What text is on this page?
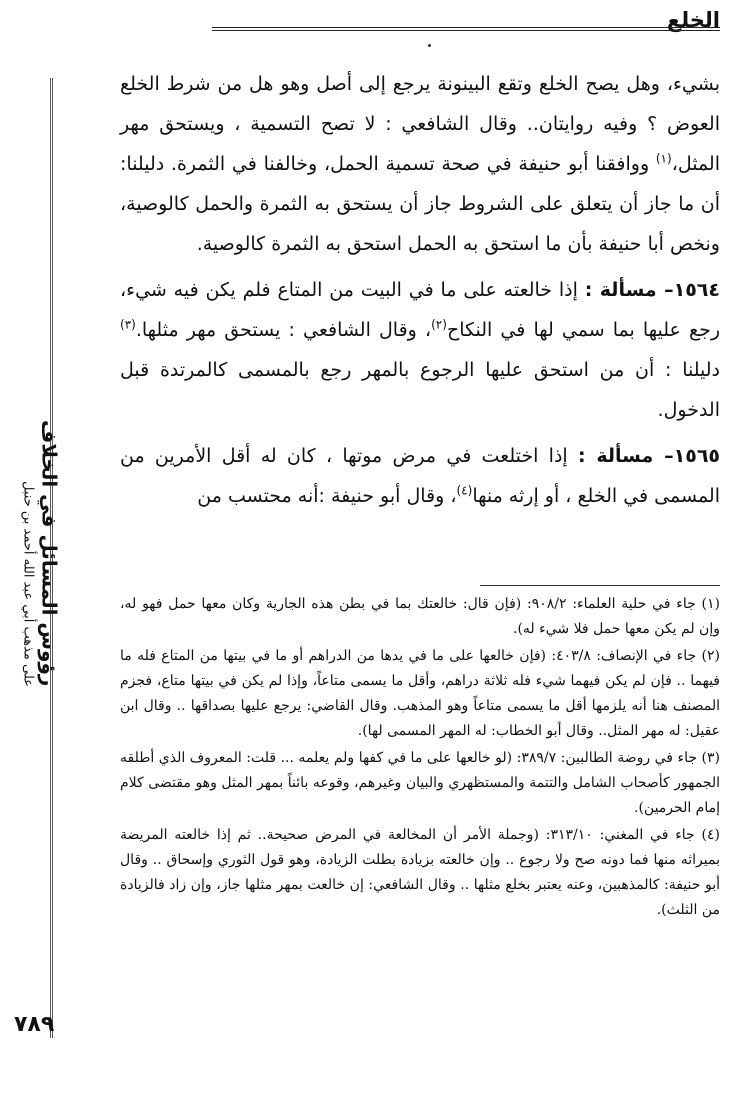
الخلع
رؤوس المسائل في الخلاف
على مذهب أبي عبد الله أحمد بن حنبل

بشيء، وهل يصح الخلع وتقع البينونة يرجع إلى أصل وهو هل من شرط الخلع العوض ؟ وفيه روايتان.. وقال الشافعي : لا تصح التسمية ، ويستحق مهر المثل،$^{(١)}$ ووافقنا أبو حنيفة في صحة تسمية الحمل، وخالفنا في الثمرة. دليلنا: أن ما جاز أن يتعلق على الشروط جاز أن يستحق به الثمرة والحمل كالوصية، ونخص أبا حنيفة بأن ما استحق به الحمل استحق به الثمرة كالوصية.

١٥٦٤– مسألة : إذا خالعته على ما في البيت من المتاع فلم يكن فيه شيء، رجع عليها بما سمي لها في النكاح$^{(٢)}$، وقال الشافعي : يستحق مهر مثلها.$^{(٣)}$ دليلنا : أن من استحق عليها الرجوع بالمهر رجع بالمسمى كالمرتدة قبل الدخول.

١٥٦٥– مسألة : إذا اختلعت في مرض موتها ، كان له أقل الأمرين من المسمى في الخلع ، أو إرثه منها$^{(٤)}$، وقال أبو حنيفة :أنه محتسب من

(١) جاء في حلية العلماء: ٩٠٨/٢: (فإن قال: خالعتك بما في بطن هذه الجارية وكان معها حمل فهو له، وإن لم يكن معها حمل فلا شيء له).

(٢) جاء في الإنصاف: ٤٠٣/٨: (فإن خالعها على ما في يدها من الدراهم أو ما في بيتها من المتاع فله ما فيهما .. فإن لم يكن فيهما شيء فله ثلاثة دراهم، وأقل ما يسمى متاعاً، وإذا لم يكن في بيتها متاع، فجزم المصنف هنا أنه يلزمها أقل ما يسمى متاعاً وهو المذهب. وقال القاضي: يرجع عليها بصداقها .. وقال ابن عقيل: له مهر المثل.. وقال أبو الخطاب: له المهر المسمى لها).

(٣) جاء في روضة الطالبين: ٣٨٩/٧: (لو خالعها على ما في كفها ولم يعلمه ... قلت: المعروف الذي أطلقه الجمهور كأصحاب الشامل والتتمة والمستظهري والبيان وغيرهم، وقوعه بائناً بمهر المثل وهو مقتضى كلام إمام الحرمين).

(٤) جاء في المغني: ٣١٣/١٠: (وجملة الأمر أن المخالعة في المرض صحيحة.. ثم إذا خالعته المريضة بميراثه منها فما دونه صح ولا رجوع .. وإن خالعته بزيادة بطلت الزيادة، وهو قول الثوري وإسحاق .. وقال أبو حنيفة: كالمذهبين، وعنه يعتبر بخلع مثلها .. وقال الشافعي: إن خالعت بمهر مثلها جاز، وإن زاد فالزيادة من الثلث).

٧٨٩
